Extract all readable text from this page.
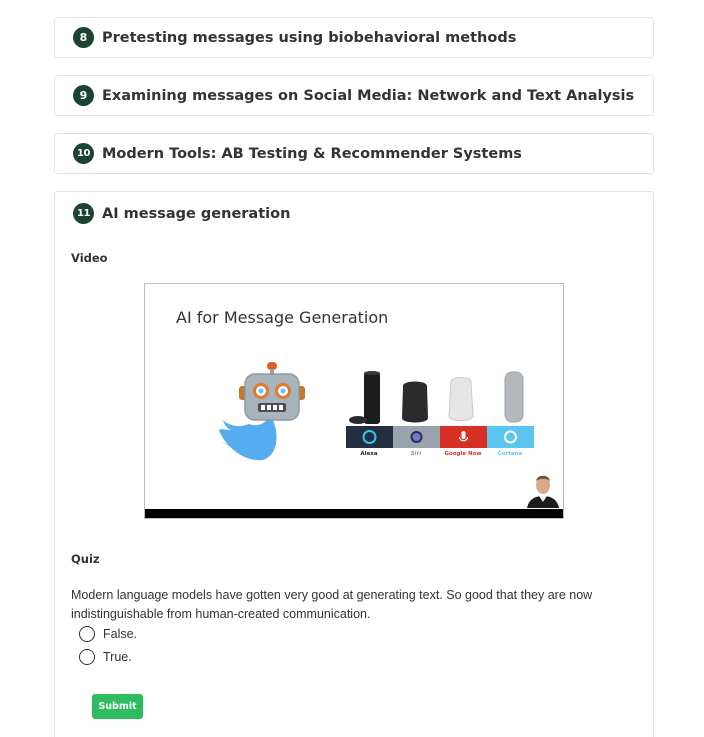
8	Pretesting messages using biobehavioral methods
9	Examining messages on Social Media: Network and Text Analysis
10 Modern Tools: AB Testing & Recommender Systems
11 AI message generation
Video
AI for Message Generation
Alexa	Siri	Google Now	Cortana
Quiz
Modern language models have gotten very good at generating text. So good that they are now indistinguishable from human-created communication.
False.
True.
Submit
